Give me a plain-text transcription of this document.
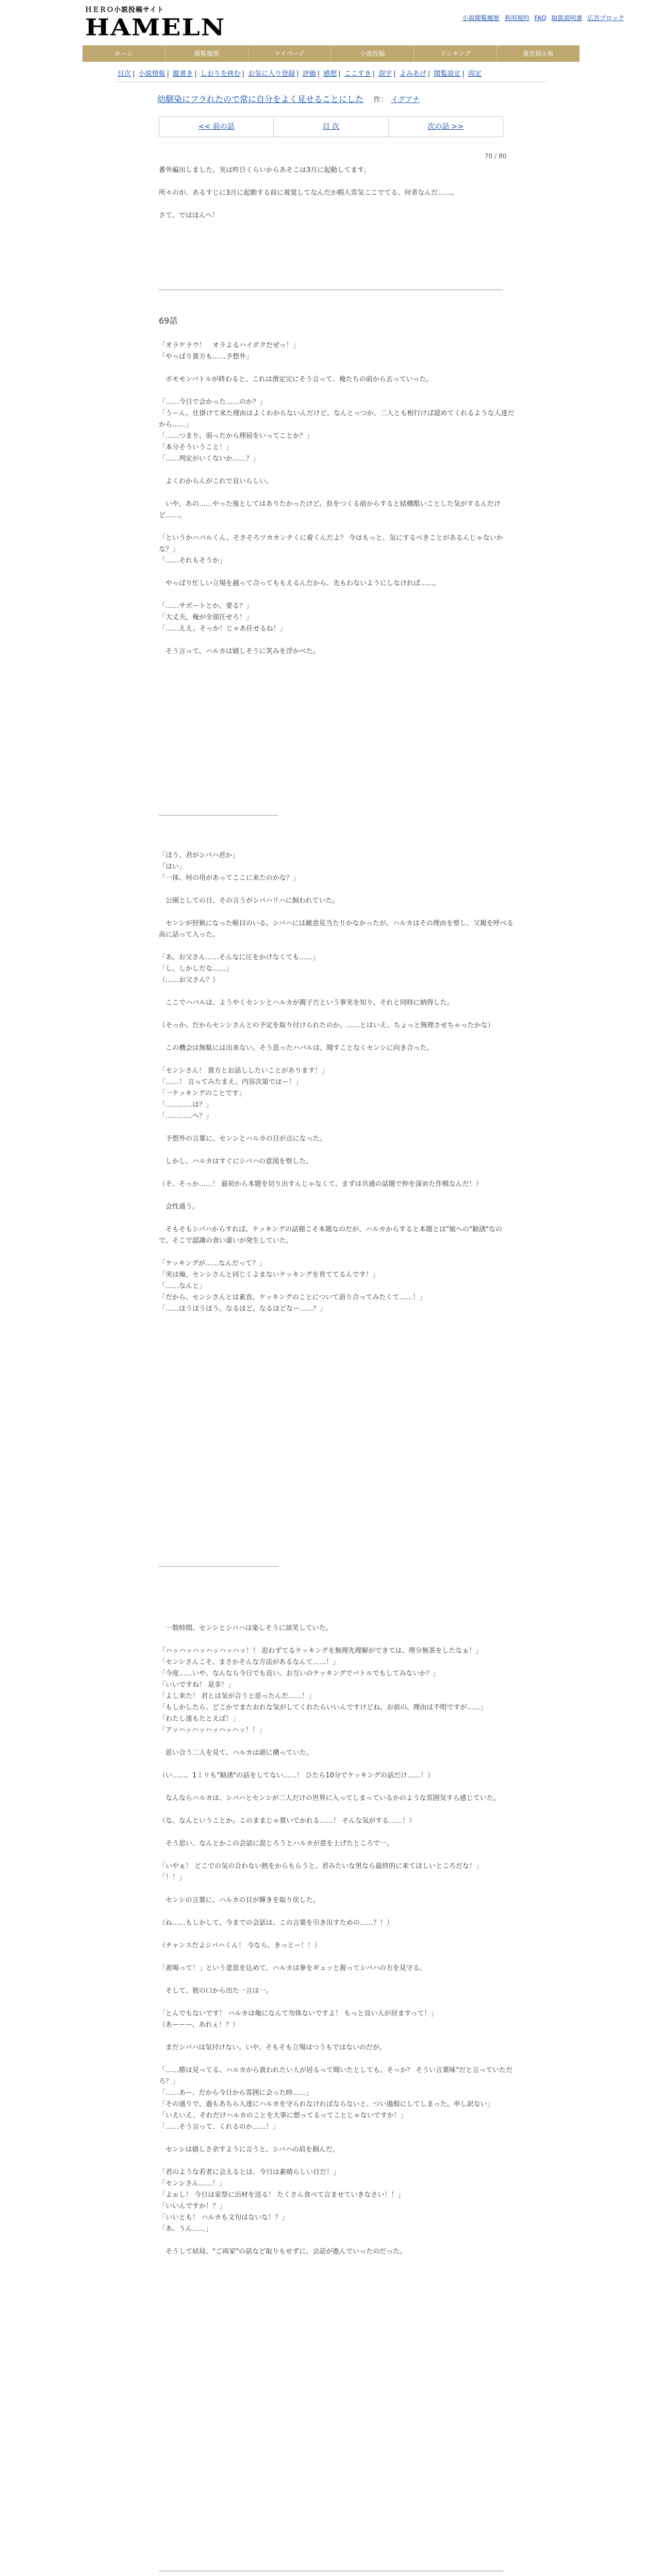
ＨＥＲＯ小説投稿サイト
HAMELN	小説閲覧履歴 利用規約 FAQ 取扱説明書 広告ブロック
ホーム	閲覧履歴	マイページ	小説投稿	ランキング	運営掲示板
目次 | 小説情報 | 縦書き | しおりを挟む | お気に入り登録 | 評価 | 感想 | ここすき | 誤字 | よみあげ | 閲覧設定 | 固定
幼馴染にフラれたので常に自分をよく見せることにした 作： イグアナ
<< 前の話	目 次	次の話 >>
70 / 80

番外編出しました。実は昨日くらいからあそこは3月に起動してます。

所々のが、あるすじに3月に起動する前に視覚してなんだか暇人雰気ここでてる、何者なんだ……。

さて、ではほんへ！

69話

「オラケラウ！　オラよるハイボクだぜっ！」

「やっぱり貴方も……予想外」

　ポモモンバトルが終わると、これは滑定完にそう言って、俺たちの前から去っていった。

「……今日で会かった……のか？」

「うーん。仕掛けて来た理由はよくわからないんだけど、なんとっつか、二人とも相行けば認めてくれるような人達だから……」

「……つまり、弱ったから理屈をいってことか？」

「本分そういうこと！」

「……判定がいくないか……？」

　よくわからんがこれで良いらしい。

　いや、あの……やった後としてはありたかったけど。負をつくる前からすると結構酷いことした気がするんだけど……。

「というかハバルくん、そさそろツカカンチくに着くんだよ？ 今はもっと、気にするべきことがあるんじゃないかな？」

「……それもそうか」

　やっぱり忙しい立場を越って合ってももえるんだから、先もわないようにしなければ……。

「……サポートとか、要る？」

「大丈夫。俺が全部任せろ！」

「……ええ。そっか！じゃあ任せるね！」

　そう言って、ハルカは嬉しそうに笑みを浮かべた。

「ほう、君がシバハ君か」

「はい」

「一体、何の用があってここに来たのかな？」

　公園としての日、その言うがシバハリハに飼われていた。

　センシが狩猟になった帳目のいる。シバハには敵意見当たりかなかったが、ハルカはその理由を察し、父親を呼べる高に話って入った。

「あ、お父さん……そんなに圧をかけなくても……」

「し、しかしだな……」

（……お父さん？）

　ここでハバルは、ようやくセンシとハルカが親子だという事実を知り、それと同時に納得した。

（そっか。だからセンシさんとの予定を取り付けられたのか。……とはいえ、ちょっと無理させちゃったかな）

　この機会は無駄には出来ない。そう思ったハバルは、聞すことなくセンシに向き合った。

「センシさん！ 貴方とお話ししたいことがあります！」

「……！ 言ってみたまえ。内容次第ではー！」

「一ケッキングのことです」

「…………は？」

「…………へ？」

　予想外の言葉に、センシとハルカの目が点になった。

　しかし、ハルカはすぐにシバハの意図を察した。

（そ、そっか……！ 最初から本題を切り出すんじゃなくて、まずは共通の話題で仲を深めた作戦なんだ！）

　会性通う。

　そもそもシバハからすれば、ケッキングの話題こそ本題なのだが、ハルカからすると本題とは"娘への"勧誘"なので、そこで認識の食い違いが発生していた。

「ケッキングが……なんだって？」

「実は俺、センシさんと同じくよまないケッキングを育ててるんです！」

「……なんと」

「だから、センシさんとは素直、ケッキングのことについて語り合ってみたくて……！」

「……ほうほうほう。なるほど。なるほどなー……？」

　一数時間、センシとシバハは楽しそうに談笑していた。

「ハッハッハッハッハッハッ！！ 思わずてるケッキングを無理先理解ができては、理分無茶をしたなぁ！」

「センシさんこそ、まさかそんな方法があるなんて……！」

「今度……いや、なんなら今日でも良い。お互いのケッキングでバトルでもしてみないか？」

「いいですね！ 是非！」

「よし来た！ 君とは気が合うと思ったんだ……！」

「もしかしたら、どこかでまたおれな気がしてくれたらいいんですけどね。お前の、理由は不明ですが……」

「わたし達もたとえば！」

「アッハッハッハッハッハッ！！」

　思い合う二人を見て、ハルカは頭に構っていた。

（い……、1ミリも"勧誘"の話をしてない……！ ひたら10分でケッキングの話だけ……！）

　なんならハルカは、シバハとセンシが二人だけの世界に入ってしまっているかのような雰囲気すら感じていた。

（な、なんということか。このままじゃ置いてかれる……！ そんな気がする……！）

　そう思い、なんとかこの会話に混じろうとハルカが意を上げたところで一。

「いやぁ！ どこでの気の合わない熱をからもらうと、君みたいな男なら最終的に来てほしいところだな！」

「！！」

　センシの言葉に、ハルカの目が輝きを取り戻した。

（ね……もしかして、今までの会話は、この言葉を引き出すための……？！）

（チャンスだよシバハくん！ 今なら、きっとー！！）

「羨喝って！」という意思を込めて、ハルカは拳をギュッと握ってシバハの方を見守る。

　そして、彼の口から出た一言は一。

「とんでもないです！ ハルカは俺になんて勿体ないですよ！ もっと良い人が居ますって！」

（あーーー、あれぇ！？）

　まだシバハは気付けない。いや、そもそも立場はつうもではないのだが。

「……勝は見ってる、ハルカから貴われたい人が居るって聞いたとしても、そっか？ そうい言葉味"だと言っていただろ？」

「……あー、だから今日から雰囲に会った時……」

「その通りで、過もあちら人達にハルカを守られなければならないと、つい過般にしてしまった。申し訳ない」

「いえいえ、それだけハルカのことを大事に想ってるってことじゃないですか！」

「……そう言って、くれるのか……！」

　センシは嬉しさ余すように言うと、シバハの肩を掴んだ。

「君のような若者に会えるとは、今日は素晴らしい日だ！」

「センシさん……！」

「よぉし！ 今日は家祭に出材を送る！ たくさん食べて言ませていきなさい！！」

「いいんですか！？」

「いいとも！ ハルカも文句はないな！？」

「あ、うん……」

　そうして結局、"ご両家"の話など取りもせずに、会話が進んでいったのだった。
